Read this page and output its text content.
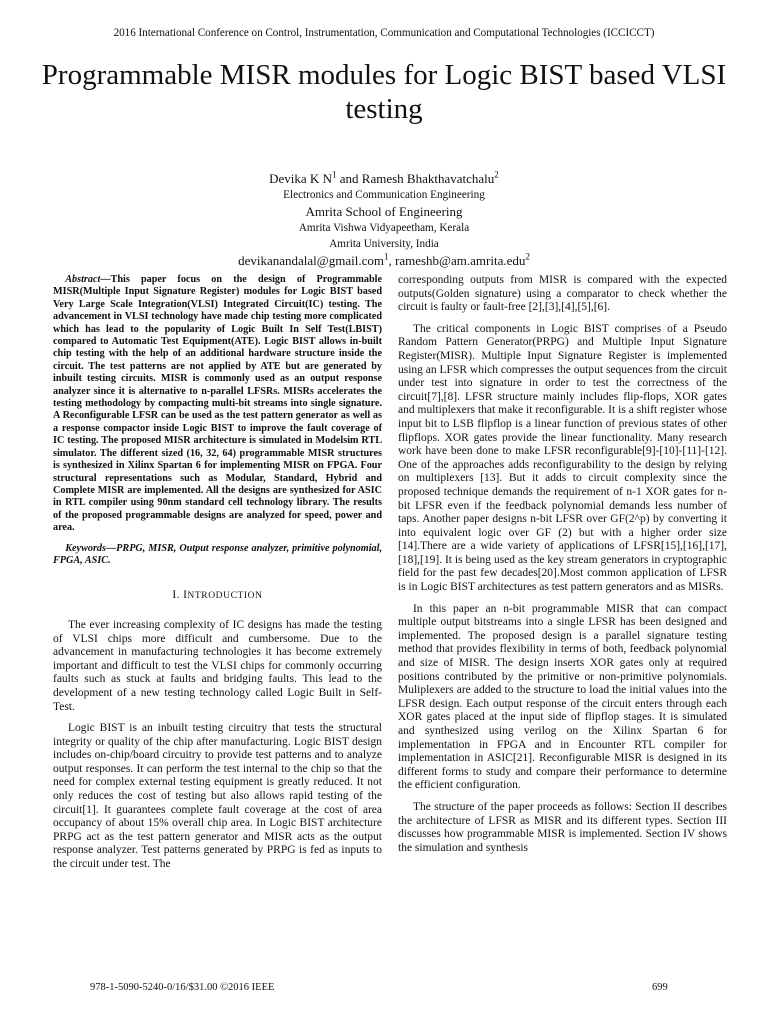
2016 International Conference on Control, Instrumentation, Communication and Computational Technologies (ICCICCT)
Programmable MISR modules for Logic BIST based VLSI testing
Devika K $N^1$ and Ramesh Bhakthavatchalu$^2$
Electronics and Communication Engineering
Amrita School of Engineering
Amrita Vishwa Vidyapeetham, Kerala
Amrita University, India
devikanandalal@gmail.com$^1$, rameshb@am.amrita.edu$^2$

Abstract—This paper focus on the design of Programmable MISR(Multiple Input Signature Register) modules for Logic BIST based Very Large Scale Integration(VLSI) Integrated Circuit(IC) testing. The advancement in VLSI technology have made chip testing more complicated which has lead to the popularity of Logic Built In Self Test(LBIST) compared to Automatic Test Equipment(ATE). Logic BIST allows in-built chip testing with the help of an additional hardware structure inside the circuit. The test patterns are not applied by ATE but are generated by inbuilt testing circuits. MISR is commonly used as an output response analyzer since it is alternative to n-parallel LFSRs. MISRs accelerates the testing methodology by compacting multi-bit streams into single signature. A Reconfigurable LFSR can be used as the test pattern generator as well as a response compactor inside Logic BIST to improve the fault coverage of IC testing. The proposed MISR architecture is simulated in Modelsim RTL simulator. The different sized (16, 32, 64) programmable MISR structures is synthesized in Xilinx Spartan 6 for implementing MISR on FPGA. Four structural representations such as Modular, Standard, Hybrid and Complete MISR are implemented. All the designs are synthesized for ASIC in RTL compiler using 90nm standard cell technology library. The results of the proposed programmable designs are analyzed for speed, power and area.

Keywords—PRPG, MISR, Output response analyzer, primitive polynomial, FPGA, ASIC.

I. INTRODUCTION

The ever increasing complexity of IC designs has made the testing of VLSI chips more difficult and cumbersome. Due to the advancement in manufacturing technologies it has become extremely important and difficult to test the VLSI chips for commonly occurring faults such as stuck at faults and bridging faults. This lead to the development of a new testing technology called Logic Built in Self-Test.

Logic BIST is an inbuilt testing circuitry that tests the structural integrity or quality of the chip after manufacturing. Logic BIST design includes on-chip/board circuitry to provide test patterns and to analyze output responses. It can perform the test internal to the chip so that the need for complex external testing equipment is greatly reduced. It not only reduces the cost of testing but also allows rapid testing of the circuit[1]. It guarantees complete fault coverage at the cost of area occupancy of about 15% overall chip area. In Logic BIST architecture PRPG act as the test pattern generator and MISR acts as the output response analyzer. Test patterns generated by PRPG is fed as inputs to the circuit under test. The

corresponding outputs from MISR is compared with the expected outputs(Golden signature) using a comparator to check whether the circuit is faulty or fault-free [2],[3],[4],[5],[6].

The critical components in Logic BIST comprises of a Pseudo Random Pattern Generator(PRPG) and Multiple Input Signature Register(MISR). Multiple Input Signature Register is implemented using an LFSR which compresses the output sequences from the circuit under test into signature in order to test the correctness of the circuit[7],[8]. LFSR structure mainly includes flip-flops, XOR gates and multiplexers that make it reconfigurable. It is a shift register whose input bit to LSB flipflop is a linear function of previous states of other flipflops. XOR gates provide the linear functionality. Many research work have been done to make LFSR reconfigurable[9]-[10]-[11]-[12]. One of the approaches adds reconfigurability to the design by relying on multiplexers [13]. But it adds to circuit complexity since the proposed technique demands the requirement of n-1 XOR gates for n-bit LFSR even if the feedback polynomial demands less number of taps. Another paper designs n-bit LFSR over GF(2^p) by converting it into equivalent logic over GF (2) but with a higher order size [14].There are a wide variety of applications of LFSR[15],[16],[17],[18],[19]. It is being used as the key stream generators in cryptographic field for the past few decades[20].Most common application of LFSR is in Logic BIST architectures as test pattern generators and as MISRs.

In this paper an n-bit programmable MISR that can compact multiple output bitstreams into a single LFSR has been designed and implemented. The proposed design is a parallel signature testing method that provides flexibility in terms of both, feedback polynomial and size of MISR. The design inserts XOR gates only at required positions contributed by the primitive or non-primitive polynomials. Muliplexers are added to the structure to load the initial values into the LFSR design. Each output response of the circuit enters through each XOR gates placed at the input side of flipflop stages. It is simulated and synthesized using verilog on the Xilinx Spartan 6 for implementation in FPGA and in Encounter RTL compiler for implementation in ASIC[21]. Reconfigurable MISR is designed in its different forms to study and compare their performance to determine the efficient configuration.

The structure of the paper proceeds as follows: Section II describes the architecture of LFSR as MISR and its different types. Section III discusses how programmable MISR is implemented. Section IV shows the simulation and synthesis

978-1-5090-5240-0/16/$31.00 ©2016 IEEE	699
